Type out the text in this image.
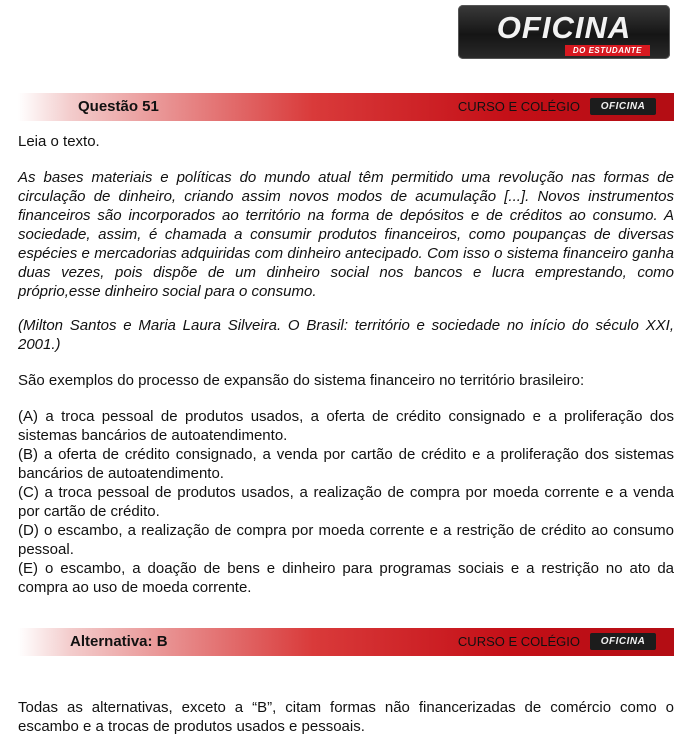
OFICINA
DO ESTUDANTE
Questão 51	CURSO E COLÉGIO	OFICINA

Leia o texto.

As bases materiais e políticas do mundo atual têm permitido uma revolução nas formas de circulação de dinheiro, criando assim novos modos de acumulação [...]. Novos instrumentos financeiros são incorporados ao território na forma de depósitos e de créditos ao consumo. A sociedade, assim, é chamada a consumir produtos financeiros, como poupanças de diversas espécies e mercadorias adquiridas com dinheiro antecipado. Com isso o sistema financeiro ganha duas vezes, pois dispõe de um dinheiro social nos bancos e lucra emprestando, como próprio,esse dinheiro social para o consumo.

(Milton Santos e Maria Laura Silveira. O Brasil: território e sociedade no início do século XXI, 2001.)

São exemplos do processo de expansão do sistema financeiro no território brasileiro:

(A) a troca pessoal de produtos usados, a oferta de crédito consignado e a proliferação dos sistemas bancários de autoatendimento.
(B) a oferta de crédito consignado, a venda por cartão de crédito e a proliferação dos sistemas bancários de autoatendimento.
(C) a troca pessoal de produtos usados, a realização de compra por moeda corrente e a venda por cartão de crédito.
(D) o escambo, a realização de compra por moeda corrente e a restrição de crédito ao consumo pessoal.
(E) o escambo, a doação de bens e dinheiro para programas sociais e a restrição no ato da compra ao uso de moeda corrente.
Alternativa: B	CURSO E COLÉGIO	OFICINA

Todas as alternativas, exceto a “B”, citam formas não financerizadas de comércio como o escambo e a trocas de produtos usados e pessoais.
